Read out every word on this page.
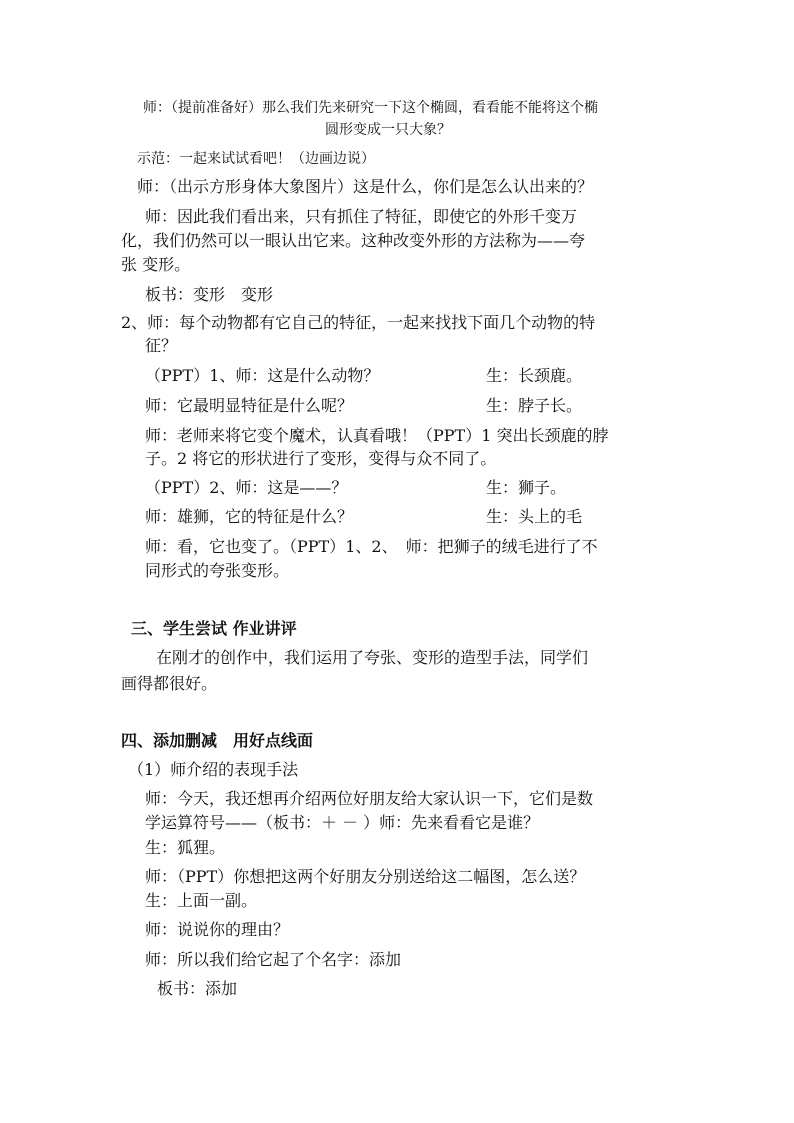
师：（提前准备好）那么我们先来研究一下这个椭圆，看看能不能将这个椭
圆形变成一只大象？
示范：一起来试试看吧！（边画边说）
师：（出示方形身体大象图片）这是什么，你们是怎么认出来的？
师：因此我们看出来，只有抓住了特征，即使它的外形千变万
化，我们仍然可以一眼认出它来。这种改变外形的方法称为——夸
张 变形。
板书：变形　变形
2、师：每个动物都有它自己的特征，一起来找找下面几个动物的特
征？
（PPT）1、师：这是什么动物？	生：长颈鹿。
师：它最明显特征是什么呢？	生：脖子长。
师：老师来将它变个魔术，认真看哦！（PPT）1 突出长颈鹿的脖
子。2 将它的形状进行了变形，变得与众不同了。
（PPT）2、师：这是——？	生：狮子。
师：雄狮，它的特征是什么？	生：头上的毛
师：看，它也变了。（PPT）1、2、　师：把狮子的绒毛进行了不
同形式的夸张变形。
三、学生尝试 作业讲评
在刚才的创作中，我们运用了夸张、变形的造型手法，同学们
画得都很好。
四、添加删减　用好点线面
（1）师介绍的表现手法
师：今天，我还想再介绍两位好朋友给大家认识一下，它们是数
学运算符号——（板书：＋ － ）师：先来看看它是谁？
生：狐狸。
师：（PPT）你想把这两个好朋友分别送给这二幅图，怎么送？
生：上面一副。
师：说说你的理由？
师：所以我们给它起了个名字：添加
板书：添加
